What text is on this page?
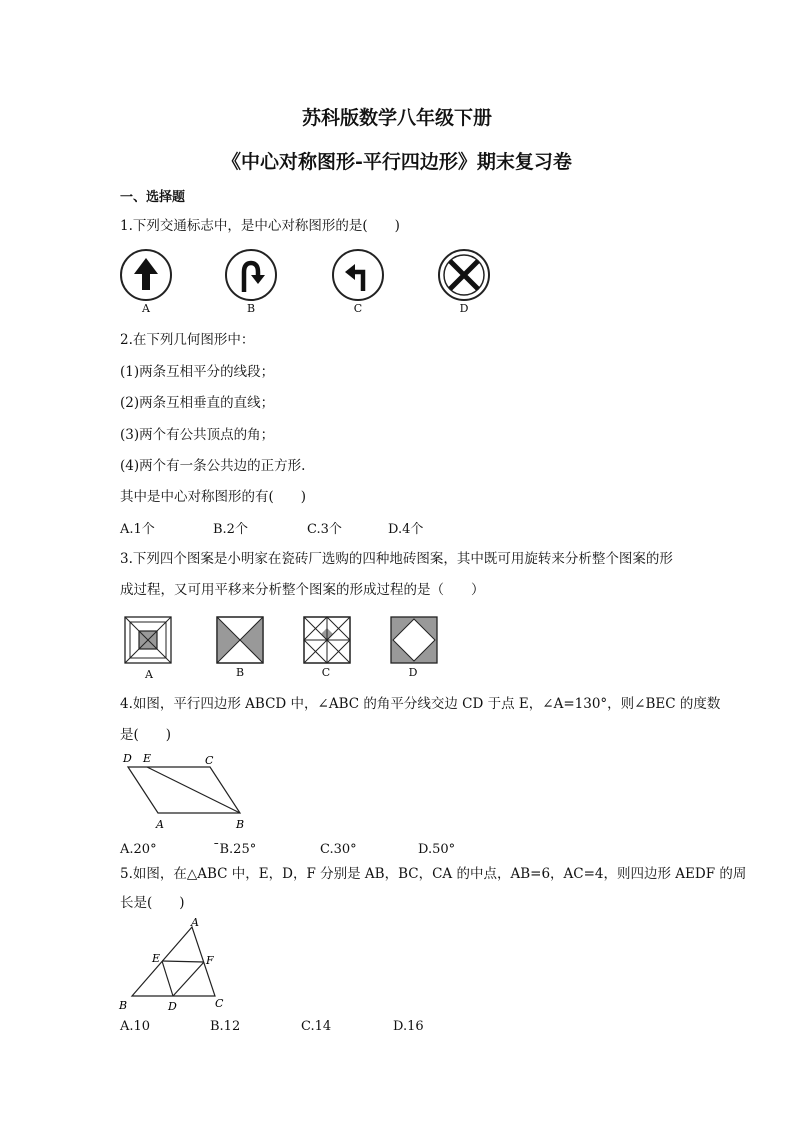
苏科版数学八年级下册
《中心对称图形-平行四边形》期末复习卷
一、选择题
1.下列交通标志中，是中心对称图形的是(　　)
A	B	C	D
2.在下列几何图形中：
(1)两条互相平分的线段；
(2)两条互相垂直的直线；
(3)两个有公共顶点的角；
(4)两个有一条公共边的正方形.
其中是中心对称图形的有(　　)
A.1个	B.2个	C.3个	D.4个
3.下列四个图案是小明家在瓷砖厂选购的四种地砖图案，其中既可用旋转来分析整个图案的形
成过程，又可用平移来分析整个图案的形成过程的是（　　）
A	B	C	D
4.如图，平行四边形 ABCD 中，∠ABC 的角平分线交边 CD 于点 E，∠A=130°，则∠BEC 的度数
是(　　)
D E	C
A	B
A.20°	ˉB.25°	C.30°	D.50°
5.如图，在△ABC 中，E，D，F 分别是 AB，BC，CA 的中点，AB=6，AC=4，则四边形 AEDF 的周
长是(　　)
A
E	F
B	D	C
A.10	B.12	C.14	D.16
